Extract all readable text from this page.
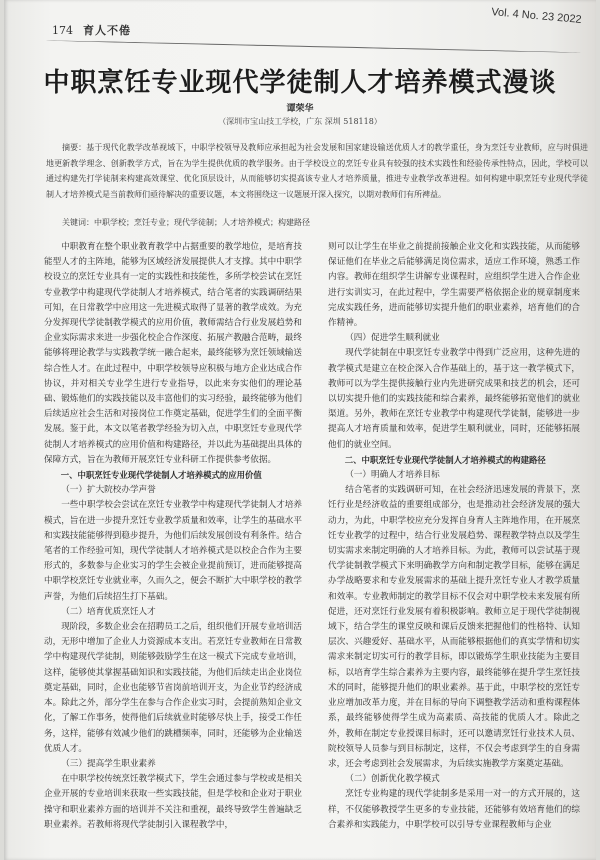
174 育人不倦
Vol. 4 No. 23 2022
中职烹饪专业现代学徒制人才培养模式漫谈
谭荣华
（深圳市宝山技工学校，广东 深圳 518118）
摘要：基于现代化教学改革视域下，中职学校领导及教师应承担起为社会发展和国家建设输送优质人才的教学重任，身为烹饪专业教师，应与时俱进地更新教学理念、创新教学方式，旨在为学生提供优质的教学服务。由于学校设立的烹饪专业具有较强的技术实践性和经验传承性特点，因此，学校可以通过构建先打学徒制来构建高效课堂、优化顶层设计，从而能够切实提高该专业人才培养质量，推进专业教学改革进程。如何构建中职烹饪专业现代学徒制人才培养模式是当前教师们亟待解决的重要议题，本文将围绕这一议题展开深入探究，以期对教师们有所裨益。
关键词：中职学校；烹饪专业；现代学徒制；人才培养模式；构建路径

中职教育在整个职业教育教学中占据重要的教学地位，是培育技能型人才的主阵地，能够为区域经济发展提供人才支撑。其中中职学校设立的烹饪专业具有一定的实践性和技能性，多所学校尝试在烹饪专业教学中构建现代学徒制人才培养模式，结合笔者的实践调研结果可知，在日常教学中应用这一先进模式取得了显著的教学成效。为充分发挥现代学徒制教学模式的应用价值，教师需结合行业发展趋势和企业实际需求来进一步强化校企合作深度、拓展产教融合范畴，最终能够将理论教学与实践教学统一融合起来，最终能够为烹饪领域输送综合性人才。在此过程中，中职学校领导应积极与地方企业达成合作协议，并对相关专业学生进行专业指导，以此来夯实他们的理论基础、锻炼他们的实践技能以及丰富他们的实习经验，最终能够为他们后续适应社会生活和对接岗位工作奠定基础，促进学生们的全面平衡发展。鉴于此，本文以笔者教学经验为切入点，中职烹饪专业现代学徒制人才培养模式的应用价值和构建路径，并以此为基础提出具体的保障方式，旨在为教师开展烹饪专业科研工作提供参考依据。

一、中职烹饪专业现代学徒制人才培养模式的应用价值

（一）扩大院校办学声誉

一些中职学校会尝试在烹饪专业教学中构建现代学徒制人才培养模式，旨在进一步提升烹饪专业教学质量和效率，让学生的基础水平和实践技能能够得到稳步提升，为他们后续发展创设有利条件。结合笔者的工作经验可知，现代学徒制人才培养模式是以校企合作为主要形式的，多数参与企业实习的学生会被企业提前预订，进而能够提高中职学校烹饪专业就业率，久而久之，便会不断扩大中职学校的教学声誉，为他们后续招生打下基础。

（二）培育优质烹饪人才

现阶段，多数企业会在招聘员工之后，组织他们开展专业培训活动，无形中增加了企业人力资源成本支出。若烹饪专业教师在日常教学中构建现代学徒制，则能够鼓励学生在这一模式下完成专业培训，这样，能够使其掌握基础知识和实践技能，为他们后续走出企业岗位奠定基础，同时，企业也能够节省岗前培训开支，为企业节约经济成本。除此之外，部分学生在参与合作企业实习时，会提前熟知企业文化，了解工作事务，使得他们后续就业时能够尽快上手，接受工作任务，这样，能够有效减少他们的跳槽频率，同时，还能够为企业输送优质人才。

（三）提高学生职业素养

在中职学校传统烹饪教学模式下，学生会通过参与学校或是相关企业开展的专业培训来获取一些实践技能，但是学校和企业对于职业操守和职业素养方面的培训并不关注和重视，最终导致学生普遍缺乏职业素养。若教师将现代学徒制引入课程教学中，

则可以让学生在毕业之前提前接触企业文化和实践技能，从而能够保证他们在毕业之后能够满足岗位需求，适应工作环境，熟悉工作内容。教师在组织学生讲解专业课程时，应组织学生进入合作企业进行实训实习，在此过程中，学生需要严格依据企业的规章制度来完成实践任务，进而能够切实提升他们的职业素养，培育他们的合作精神。

（四）促进学生顺利就业

现代学徒制在中职烹饪专业教学中得到广泛应用，这种先进的教学模式是建立在校企深入合作基础上的，基于这一教学模式下，教师可以为学生提供接触行业内先进研究成果和技艺的机会，还可以切实提升他们的实践技能和综合素养，最终能够拓宽他们的就业渠道。另外，教师在烹饪专业教学中构建现代学徒制，能够进一步提高人才培育质量和效率，促进学生顺利就业，同时，还能够拓展他们的就业空间。

二、中职烹饪专业现代学徒制人才培养模式的构建路径

（一）明确人才培养目标

结合笔者的实践调研可知，在社会经济迅速发展的背景下，烹饪行业是经济收益的重要组成部分，也是推动社会经济发展的强大动力，为此，中职学校应充分发挥自身育人主阵地作用，在开展烹饪专业教学的过程中，结合行业发展趋势、课程教学特点以及学生切实需求来制定明确的人才培养目标。为此，教师可以尝试基于现代学徒制教学模式下来明确教学方向和制定教学目标，能够在满足办学战略要求和专业发展需求的基础上提升烹饪专业人才教学质量和效率。专业教师制定的教学目标不仅会对中职学校未来发展有所促进，还对烹饪行业发展有着积极影响。教师立足于现代学徒制视域下，结合学生的课堂反映和课后反馈来把握他们的性格特、认知层次、兴趣爱好、基础水平，从而能够根据他们的真实学情和切实需求来制定切实可行的教学目标，即以锻炼学生职业技能为主要目标，以培育学生综合素养为主要内容，最终能够在提升学生烹饪技术的同时，能够提升他们的职业素养。基于此，中职学校的烹饪专业应增加改革力度，并在目标的导向下调整教学活动和重构课程体系，最终能够使得学生成为高素质、高技能的优质人才。除此之外，教师在制定专业授课目标时，还可以邀请烹饪行业技术人员、院校领导人员参与到目标制定，这样，不仅会考虑到学生的自身需求，还会考虑到社会发展需求，为后续实施教学方案奠定基础。

（二）创新优化教学模式

烹饪专业构建的现代学徒制多是采用一对一的方式开展的，这样，不仅能够教授学生更多的专业技能，还能够有效培育他们的综合素养和实践能力，中职学校可以引导专业课程教师与企业
